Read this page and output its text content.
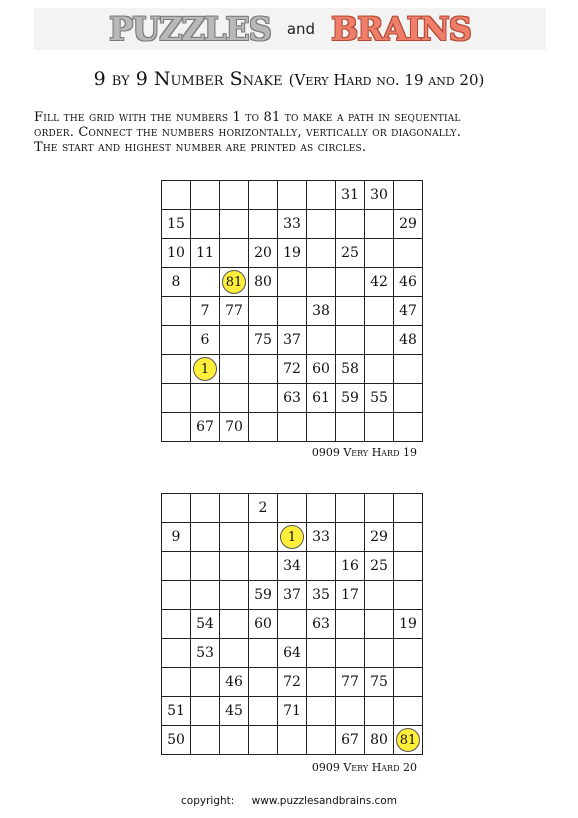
PUZZLES and BRAINS
9 by 9 Number Snake (Very Hard no. 19 and 20)
Fill the grid with the numbers 1 to 81 to make a path in sequential
order. Connect the numbers horizontally, vertically or diagonally.
The start and highest number are printed as circles.
						31	30	
15				33				29
10	11		20	19		25		
8		81	80				42	46
	7	77			38			47
	6		75	37				48
	1			72	60	58		
				63	61	59	55	
	67	70						
0909 Very Hard 19
			2					
9				1	33		29	
				34		16	25	
			59	37	35	17		
	54		60		63			19
	53			64				
		46		72		77	75	
51		45		71				
50						67	80	81
0909 Very Hard 20
copyright: www.puzzlesandbrains.com
